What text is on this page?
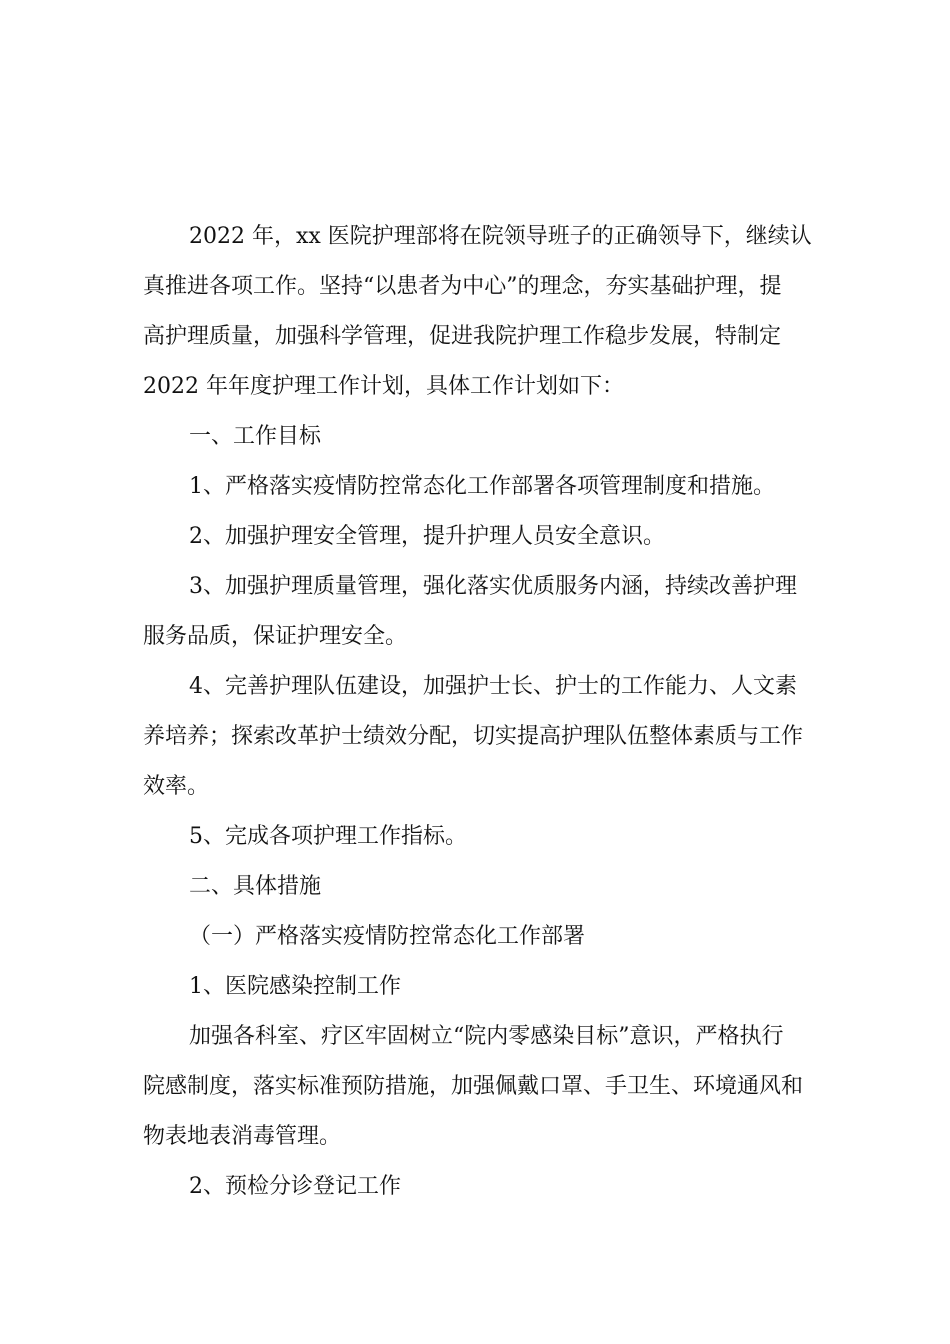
2022 年，xx 医院护理部将在院领导班子的正确领导下，继续认
真推进各项工作。坚持“以患者为中心”的理念，夯实基础护理，提
高护理质量，加强科学管理，促进我院护理工作稳步发展，特制定
2022 年年度护理工作计划，具体工作计划如下：

一、工作目标

1、严格落实疫情防控常态化工作部署各项管理制度和措施。

2、加强护理安全管理，提升护理人员安全意识。

3、加强护理质量管理，强化落实优质服务内涵，持续改善护理
服务品质，保证护理安全。

4、完善护理队伍建设，加强护士长、护士的工作能力、人文素
养培养；探索改革护士绩效分配，切实提高护理队伍整体素质与工作
效率。

5、完成各项护理工作指标。

二、具体措施

（一）严格落实疫情防控常态化工作部署

1、医院感染控制工作

加强各科室、疗区牢固树立“院内零感染目标”意识，严格执行
院感制度，落实标准预防措施，加强佩戴口罩、手卫生、环境通风和
物表地表消毒管理。

2、预检分诊登记工作
